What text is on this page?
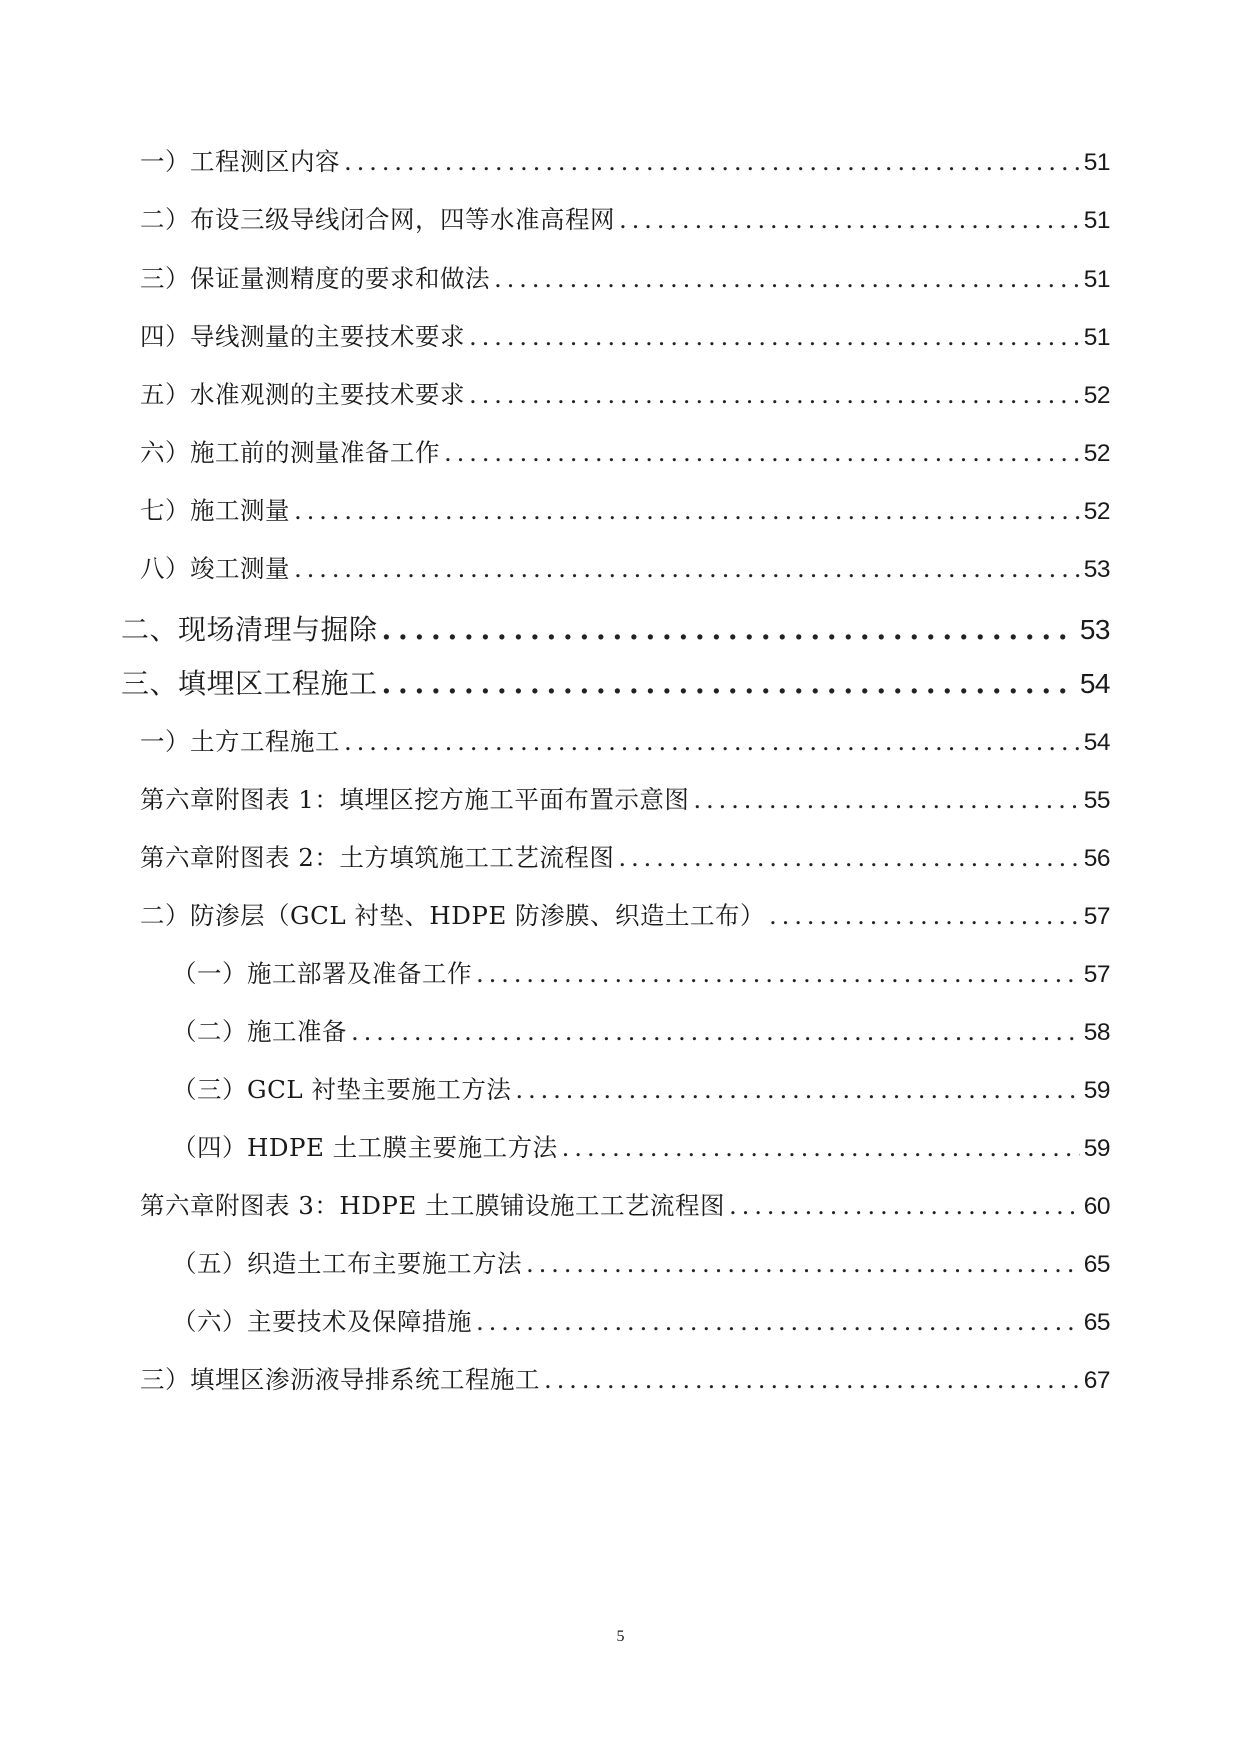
一）工程测区内容 . . .	51
二）布设三级导线闭合网，四等水准高程网 . . .	51
三）保证量测精度的要求和做法 . . .	51
四）导线测量的主要技术要求 . . .	51
五）水准观测的主要技术要求 . . .	52
六）施工前的测量准备工作 . . .	52
七）施工测量 . . .	52
八）竣工测量 . . .	53
二、现场清理与掘除 . . .	53
三、填埋区工程施工 . . .	54
一）土方工程施工 . . .	54
第六章附图表 1：填埋区挖方施工平面布置示意图 . . .	55
第六章附图表 2：土方填筑施工工艺流程图 . . .	56
二）防渗层（GCL 衬垫、HDPE 防渗膜、织造土工布） . . .	57
（一）施工部署及准备工作 . . .	57
（二）施工准备 . . .	58
（三）GCL 衬垫主要施工方法 . . .	59
（四）HDPE 土工膜主要施工方法 . . .	59
第六章附图表 3：HDPE 土工膜铺设施工工艺流程图 . . .	60
（五）织造土工布主要施工方法 . . .	65
（六）主要技术及保障措施 . . .	65
三）填埋区渗沥液导排系统工程施工 . . .	67
5
